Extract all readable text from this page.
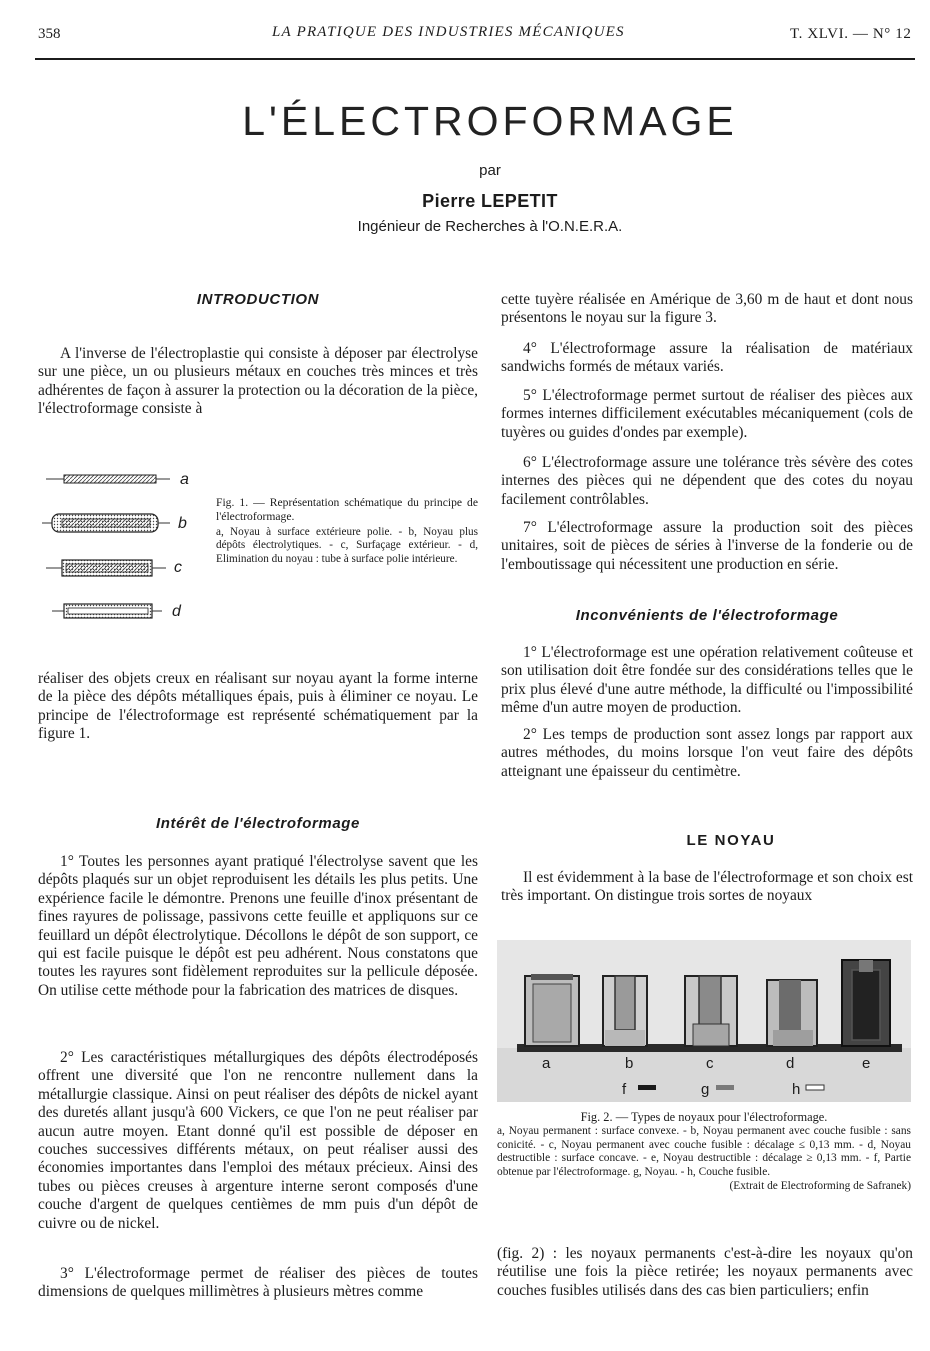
358	LA PRATIQUE DES INDUSTRIES MÉCANIQUES	T. XLVI. — N° 12
L'ÉLECTROFORMAGE
par
Pierre LEPETIT
Ingénieur de Recherches à l'O.N.E.R.A.
INTRODUCTION
A l'inverse de l'électroplastie qui consiste à déposer par électrolyse sur une pièce, un ou plusieurs métaux en couches très minces et très adhérentes de façon à assurer la protection ou la décoration de la pièce, l'électroformage consiste à
a
b
c
d
Fig. 1. — Représentation schématique du principe de l'électroformage.
a, Noyau à surface extérieure polie. - b, Noyau plus dépôts électrolytiques. - c, Surfaçage extérieur. - d, Elimination du noyau : tube à surface polie intérieure.
réaliser des objets creux en réalisant sur noyau ayant la forme interne de la pièce des dépôts métalliques épais, puis à éliminer ce noyau. Le principe de l'électroformage est représenté schématiquement par la figure 1.
Intérêt de l'électroformage
1° Toutes les personnes ayant pratiqué l'électrolyse savent que les dépôts plaqués sur un objet reproduisent les détails les plus petits. Une expérience facile le démontre. Prenons une feuille d'inox présentant de fines rayures de polissage, passivons cette feuille et appliquons sur ce feuillard un dépôt électrolytique. Décollons le dépôt de son support, ce qui est facile puisque le dépôt est peu adhérent. Nous constatons que toutes les rayures sont fidèlement reproduites sur la pellicule déposée. On utilise cette méthode pour la fabrication des matrices de disques.
2° Les caractéristiques métallurgiques des dépôts électrodéposés offrent une diversité que l'on ne rencontre nullement dans la métallurgie classique. Ainsi on peut réaliser des dépôts de nickel ayant des duretés allant jusqu'à 600 Vickers, ce que l'on ne peut réaliser par aucun autre moyen. Etant donné qu'il est possible de déposer en couches successives différents métaux, on peut réaliser aussi des économies importantes dans l'emploi des métaux précieux. Ainsi des tubes ou pièces creuses à argenture interne seront composés d'une couche d'argent de quelques centièmes de mm puis d'un dépôt de cuivre ou de nickel.
3° L'électroformage permet de réaliser des pièces de toutes dimensions de quelques millimètres à plusieurs mètres comme
cette tuyère réalisée en Amérique de 3,60 m de haut et dont nous présentons le noyau sur la figure 3.
4° L'électroformage assure la réalisation de matériaux sandwichs formés de métaux variés.
5° L'électroformage permet surtout de réaliser des pièces aux formes internes difficilement exécutables mécaniquement (cols de tuyères ou guides d'ondes par exemple).
6° L'électroformage assure une tolérance très sévère des cotes internes des pièces qui ne dépendent que des cotes du noyau facilement contrôlables.
7° L'électroformage assure la production soit des pièces unitaires, soit de pièces de séries à l'inverse de la fonderie ou de l'emboutissage qui nécessitent une production en série.
Inconvénients de l'électroformage
1° L'électroformage est une opération relativement coûteuse et son utilisation doit être fondée sur des considérations telles que le prix plus élevé d'une autre méthode, la difficulté ou l'impossibilité même d'un autre moyen de production.
2° Les temps de production sont assez longs par rapport aux autres méthodes, du moins lorsque l'on veut faire des dépôts atteignant une épaisseur du centimètre.
LE NOYAU
Il est évidemment à la base de l'électroformage et son choix est très important. On distingue trois sortes de noyaux
a	b	c	d	e
f	g	h
Fig. 2. — Types de noyaux pour l'électroformage.
a, Noyau permanent : surface convexe. - b, Noyau permanent avec couche fusible : sans conicité. - c, Noyau permanent avec couche fusible : décalage ≤ 0,13 mm. - d, Noyau destructible : surface concave. - e, Noyau destructible : décalage ≥ 0,13 mm. - f, Partie obtenue par l'électroformage. g, Noyau. - h, Couche fusible.
(Extrait de Electroforming de Safranek)
(fig. 2) : les noyaux permanents c'est-à-dire les noyaux qu'on réutilise une fois la pièce retirée; les noyaux permanents avec couches fusibles utilisés dans des cas bien particuliers; enfin
